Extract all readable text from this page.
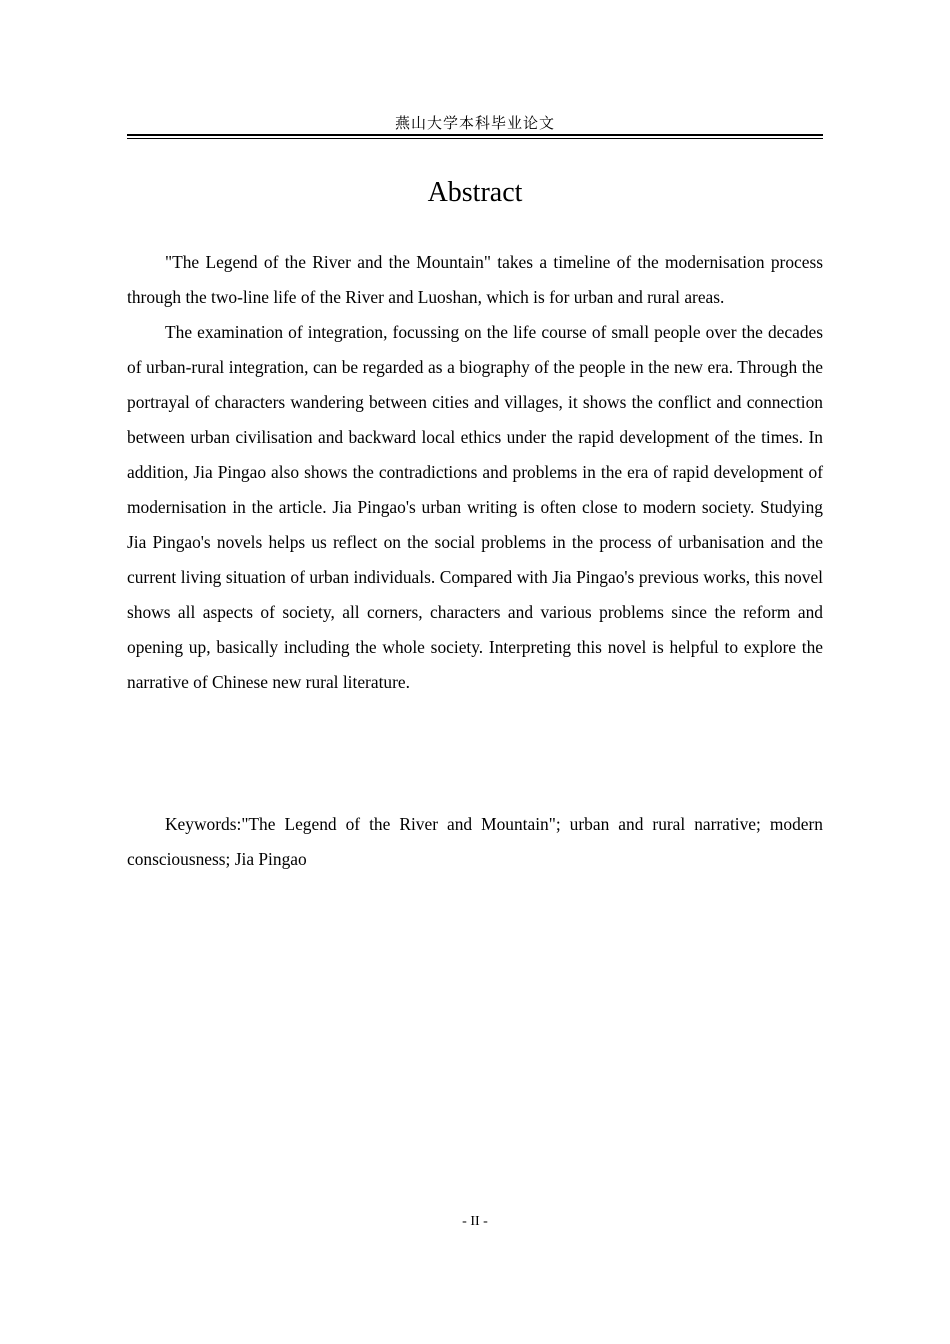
燕山大学本科毕业论文
Abstract

"The Legend of the River and the Mountain" takes a timeline of the modernisation process through the two-line life of the River and Luoshan, which is for urban and rural areas.

The examination of integration, focussing on the life course of small people over the decades of urban-rural integration, can be regarded as a biography of the people in the new era. Through the portrayal of characters wandering between cities and villages, it shows the conflict and connection between urban civilisation and backward local ethics under the rapid development of the times. In addition, Jia Pingao also shows the contradictions and problems in the era of rapid development of modernisation in the article. Jia Pingao's urban writing is often close to modern society. Studying Jia Pingao's novels helps us reflect on the social problems in the process of urbanisation and the current living situation of urban individuals. Compared with Jia Pingao's previous works, this novel shows all aspects of society, all corners, characters and various problems since the reform and opening up, basically including the whole society. Interpreting this novel is helpful to explore the narrative of Chinese new rural literature.

Keywords:"The Legend of the River and Mountain"; urban and rural narrative; modern consciousness; Jia Pingao

- II -
